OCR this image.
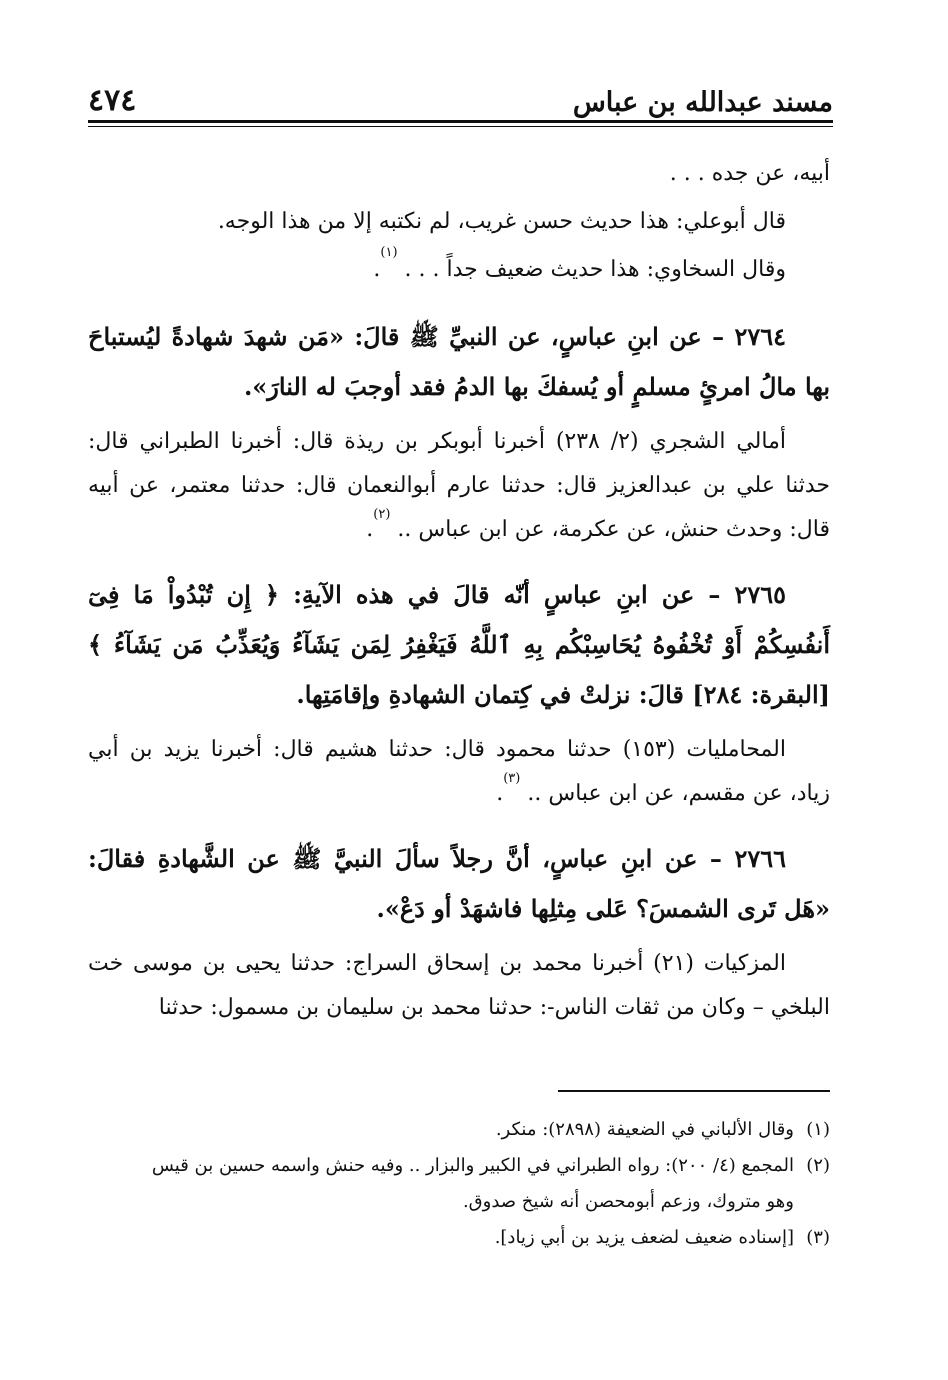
مسند عبدالله بن عباس
٤٧٤

أبيه، عن جده . . .

قال أبوعلي: هذا حديث حسن غريب، لم نكتبه إلا من هذا الوجه.

وقال السخاوي: هذا حديث ضعيف جداً . . . $^{(١)}$.

٢٧٦٤ – عن ابنِ عباسٍ، عن النبيِّ ﷺ قالَ: «مَن شهدَ شهادةً ليُستباحَ بها مالُ امرئٍ مسلمٍ أو يُسفكَ بها الدمُ فقد أوجبَ له النارَ».

أمالي الشجري (٢/ ٢٣٨) أخبرنا أبوبكر بن ريذة قال: أخبرنا الطبراني قال: حدثنا علي بن عبدالعزيز قال: حدثنا عارم أبوالنعمان قال: حدثنا معتمر، عن أبيه قال: وحدث حنش، عن عكرمة، عن ابن عباس .. $^{(٢)}$.

٢٧٦٥ – عن ابنِ عباسٍ أنّه قالَ في هذه الآيةِ: ﴿ إِن تُبْدُواْ مَا فِىٓ أَنفُسِكُمْ أَوْ تُخْفُوهُ يُحَاسِبْكُم بِهِ ٱللَّهُ فَيَغْفِرُ لِمَن يَشَآءُ وَيُعَذِّبُ مَن يَشَآءُ ﴾ [البقرة: ٢٨٤] قالَ: نزلتْ في كِتمان الشهادةِ وإقامَتِها.

المحامليات (١٥٣) حدثنا محمود قال: حدثنا هشيم قال: أخبرنا يزيد بن أبي زياد، عن مقسم، عن ابن عباس .. $^{(٣)}$.

٢٧٦٦ – عن ابنِ عباسٍ، أنَّ رجلاً سألَ النبيَّ ﷺ عن الشَّهادةِ فقالَ: «هَل تَرى الشمسَ؟ عَلى مِثلِها فاشهَدْ أو دَعْ».

المزكيات (٢١) أخبرنا محمد بن إسحاق السراج: حدثنا يحيى بن موسى خت البلخي – وكان من ثقات الناس-: حدثنا محمد بن سليمان بن مسمول: حدثنا

(١)
وقال الألباني في الضعيفة (٢٨٩٨): منكر.
(٢)
المجمع (٤/ ٢٠٠): رواه الطبراني في الكبير والبزار .. وفيه حنش واسمه حسين بن قيس
وهو متروك، وزعم أبومحصن أنه شيخ صدوق.
(٣)
[إسناده ضعيف لضعف يزيد بن أبي زياد].
